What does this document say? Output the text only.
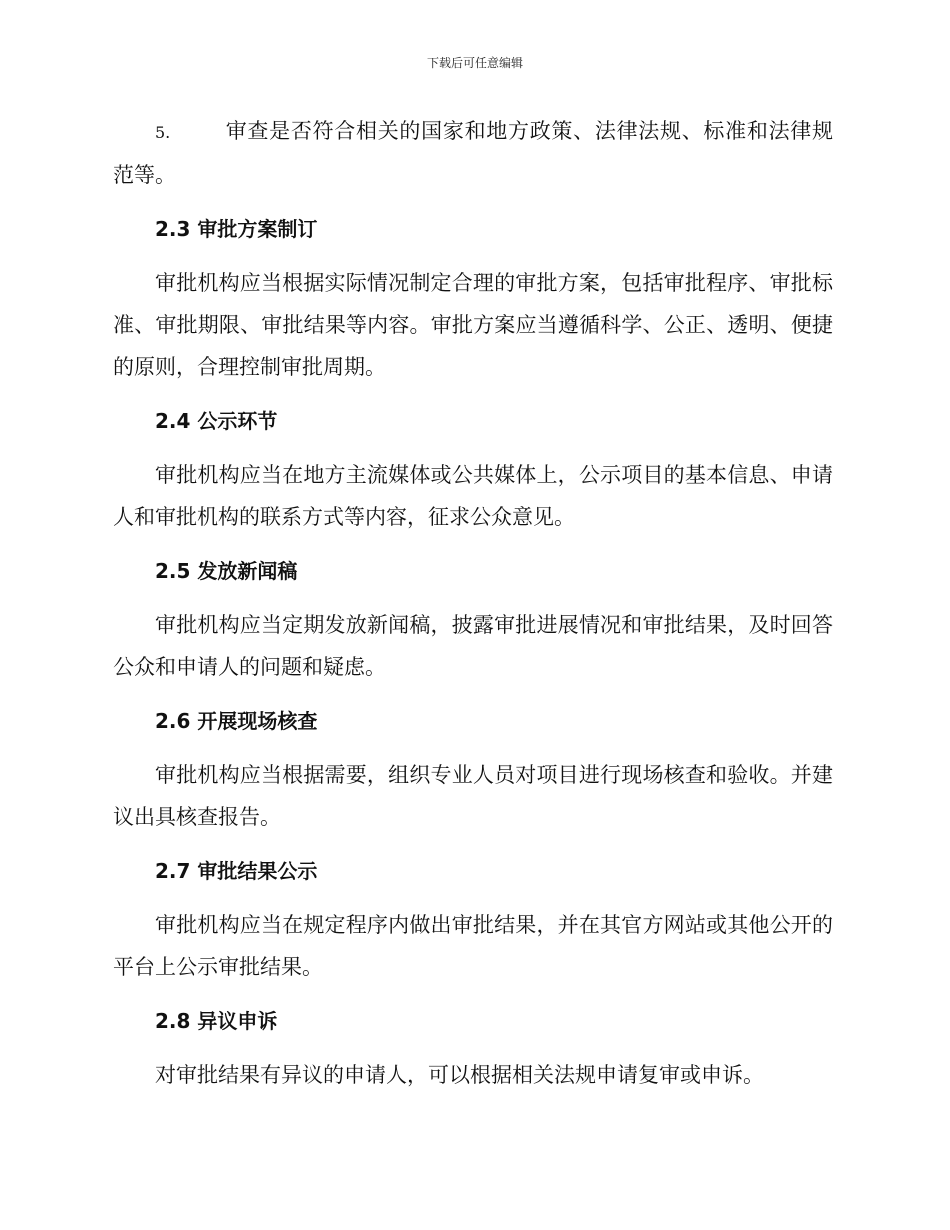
下载后可任意编辑

5.	审查是否符合相关的国家和地方政策、法律法规、标准和法律规范等。

2.3 审批方案制订

审批机构应当根据实际情况制定合理的审批方案，包括审批程序、审批标准、审批期限、审批结果等内容。审批方案应当遵循科学、公正、透明、便捷的原则，合理控制审批周期。

2.4 公示环节

审批机构应当在地方主流媒体或公共媒体上，公示项目的基本信息、申请人和审批机构的联系方式等内容，征求公众意见。

2.5 发放新闻稿

审批机构应当定期发放新闻稿，披露审批进展情况和审批结果，及时回答公众和申请人的问题和疑虑。

2.6 开展现场核查

审批机构应当根据需要，组织专业人员对项目进行现场核查和验收。并建议出具核查报告。

2.7 审批结果公示

审批机构应当在规定程序内做出审批结果，并在其官方网站或其他公开的平台上公示审批结果。

2.8 异议申诉

对审批结果有异议的申请人，可以根据相关法规申请复审或申诉。
